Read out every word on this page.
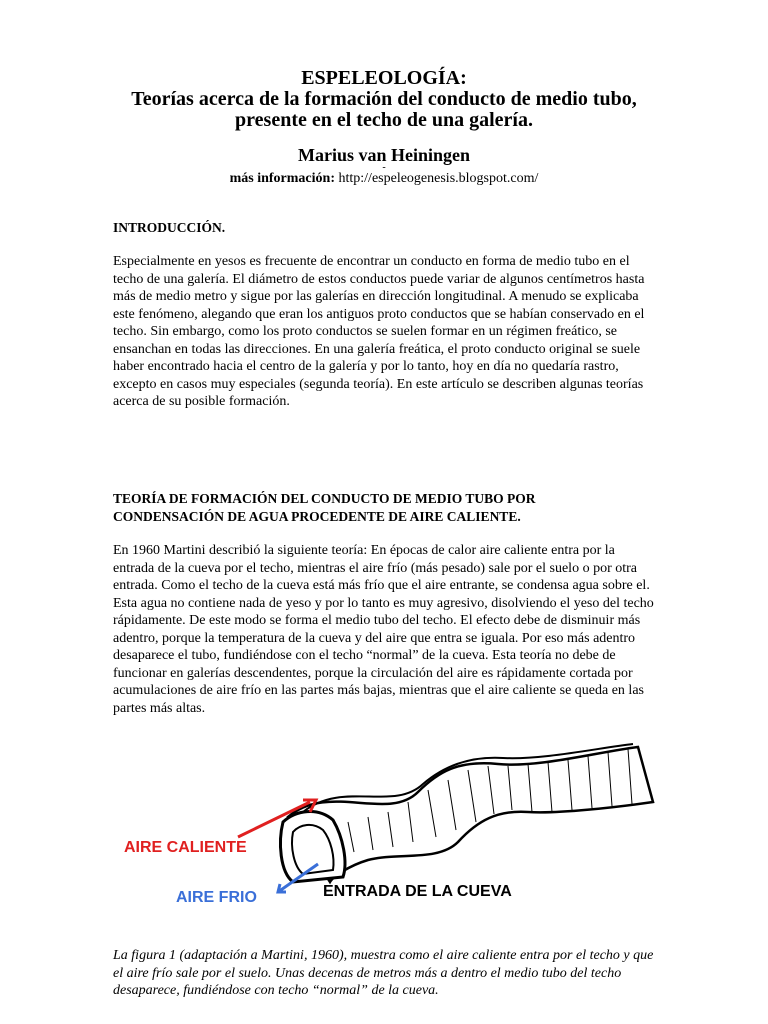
ESPELEOLOGÍA:
Teorías acerca de la formación del conducto de medio tubo,
presente en el techo de una galería.
Marius van Heiningen
-
más información: http://espeleogenesis.blogspot.com/
INTRODUCCIÓN.

Especialmente en yesos es frecuente de encontrar un conducto en forma de medio tubo en el techo de una galería. El diámetro de estos conductos puede variar de algunos centímetros hasta más de medio metro y sigue por las galerías en dirección longitudinal. A menudo se explicaba este fenómeno, alegando que eran los antiguos proto conductos que se habían conservado en el techo. Sin embargo, como los proto conductos se suelen formar en un régimen freático, se ensanchan en todas las direcciones. En una galería freática, el proto conducto original se suele haber encontrado hacia el centro de la galería y por lo tanto, hoy en día no quedaría rastro, excepto en casos muy especiales (segunda teoría). En este artículo se describen algunas teorías acerca de su posible formación.

TEORÍA DE FORMACIÓN DEL CONDUCTO DE MEDIO TUBO POR
CONDENSACIÓN DE AGUA PROCEDENTE DE AIRE CALIENTE.

En 1960 Martini describió la siguiente teoría: En épocas de calor aire caliente entra por la entrada de la cueva por el techo, mientras el aire frío (más pesado) sale por el suelo o por otra entrada. Como el techo de la cueva está más frío que el aire entrante, se condensa agua sobre el. Esta agua no contiene nada de yeso y por lo tanto es muy agresivo, disolviendo el yeso del techo rápidamente. De este modo se forma el medio tubo del techo. El efecto debe de disminuir más adentro, porque la temperatura de la cueva y del aire que entra se iguala. Por eso más adentro desaparece el tubo, fundiéndose con el techo “normal” de la cueva. Esta teoría no debe de funcionar en galerías descendentes, porque la circulación del aire es rápidamente cortada por acumulaciones de aire frío en las partes más bajas, mientras que el aire caliente se queda en las partes más altas.

AIRE CALIENTE
AIRE FRIO	ENTRADA DE LA CUEVA
La figura 1 (adaptación a Martini, 1960), muestra como el aire caliente entra por el techo y que el aire frío sale por el suelo. Unas decenas de metros más a dentro el medio tubo del techo desaparece, fundiéndose con techo “normal” de la cueva.
